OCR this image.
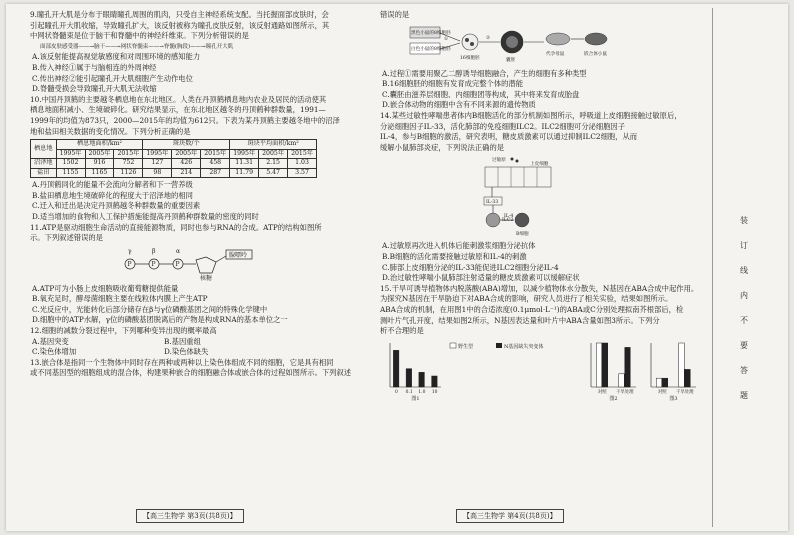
9.瞳孔开大肌是分布于眼睛瞳孔周围的肌肉，只受自主神经系统支配。当托握面部皮肤时，会

引起瞳孔开大肌收缩，导致瞳孔扩大，该反射被称为瞳孔皮肤反射，该反射通路如图所示，其

中网状脊髓束是位于脑干和脊髓中的神经纤维束。下列分析错误的是

面部皮肤感受器——→脑干——→网状脊髓束——→脊髓(胸段)——→瞳孔开大肌

A.该反射能提高视觉敏感度和对周围环境的感知能力

B.传入神经①属于与脑相连的外周神经

C.传出神经②能引起瞳孔开大肌细胞产生动作电位

D.脊髓受损会导致瞳孔开大肌无法收缩

10.中国丹顶鹤的主要越冬栖息地在东北地区。人类在丹顶鹤栖息地内农业及居民的活动使其

栖息地面积减小、生境破碎化。研究结果显示，在东北地区越冬的丹顶鹤种群数量，1991—

1999年的均值为873只，2000—2015年的均值为612只。下表为某丹顶鹤主要越冬地中的沼泽

地和盐田相关数据的变化情况。下列分析正确的是

栖息地	栖息地面积/km²			斑块数/个			斑块平均面积/km²		
	1995年	2005年	2015年	1995年	2005年	2015年	1995年	2005年	2015年
沼泽地	1502	916	752	127	426	458	11.31	2.15	1.03
盐田	1155	1165	1126	98	214	287	11.79	5.47	3.57

A.丹顶鹤同化的能量不会流向分解者和下一营养级

B.盐田栖息地生境破碎化的程度大于沼泽地的相同

C.迁入和迁出是决定丹顶鹤越冬种群数量的重要因素

D.适当增加的食物和人工保护措施能提高丹顶鹤种群数量的密度的同时

11.ATP是驱动细胞生命活动的直接能源物质，同时也参与RNA的合成。ATP的结构如图所

示。下列叙述错误的是

γ	β	α
P	P	P
核糖
腺嘌呤

A.ATP可为小肠上皮细胞吸收葡萄糖提供能量

B.氧充足时，酵母菌细胞主要在线粒体内膜上产生ATP

C.光反应中，光能转化后部分储存在β与γ位磷酸基团之间的特殊化学键中

D.细胞中的ATP水解，γ位的磷酸基团脱离后的产物是构成RNA的基本单位之一

12.细胞的减数分裂过程中，下列哪种变异出现的概率最高

A.基因突变	B.基因重组

C.染色体增加	D.染色体缺失

13.嵌合体是指同一个生物体中同时存在两种或两种以上染色体组成不同的细胞，它是具有相同

或不同基因型的细胞组成的混合体，构建果种嵌合的细胞融合体或嵌合体的过程如图所示。下列叙述

【高三生物学 第3页(共8页)】

错误的是

黑色小鼠的8细胞胚
白色小鼠的8细胞胚
①
16细胞胚
②
囊胚
代孕母鼠	嵌合体小鼠

A.过程①需要用聚乙二醇诱导细胞融合，产生的细胞有多种类型

B.16细胞胚的细胞有发育成完整个体的潜能

C.囊胚由滋养层细胞、内细胞团等构成，其中将来发育成胎盘

D.嵌合体动物的细胞中含有不同来源的遗传物质

14.某些过敏性哮喘患者体内B细胞活化的部分机制如图所示，呼吸道上皮细胞接触过敏原后，

分泌细胞因子IL-33，活化肺部的免疫细胞ILC2。ILC2细胞可分泌细胞因子

IL-4，参与B细胞的激活，研究表明，糖皮质激素可以通过抑制ILC2细胞，从而

缓解小鼠肺部炎症，下列说法正确的是

过敏原
上皮细胞
IL-33
ILC2
IL-4
B细胞

A.过敏原再次进入机体后能刺激浆细胞分泌抗体

B.B细胞的活化需要接触过敏原和IL-4的刺激

C.肺部上皮细胞分泌的IL-33能促进ILC2细胞分泌IL-4

D.治过敏性哮喘小鼠肺部注射适量的糖皮质激素可以缓解症状

15.干旱可诱导植物体内脱落酸(ABA)增加，以减少植物体水分散失，N基因在ABA合成中起作用。

为探究N基因在干旱胁迫下对ABA合成的影响，研究人员进行了相关实验，结果如图所示。

ABA合成的机制，在用图1中的合适浓度(0.1μmol·L⁻¹)的ABA或C分别处理拟南芥根部后，检

测叶片气孔开度，结果如图2所示，N基因表达量和叶片中ABA含量如图3所示。下列分

析不合理的是

0 0.1 1.0 10
图1

野生型	N基因缺失突变体

对照 干旱处理
图2

对照 干旱处理
图3
【高三生物学 第4页(共8页)】
装
订
线
内
不
要
答
题
